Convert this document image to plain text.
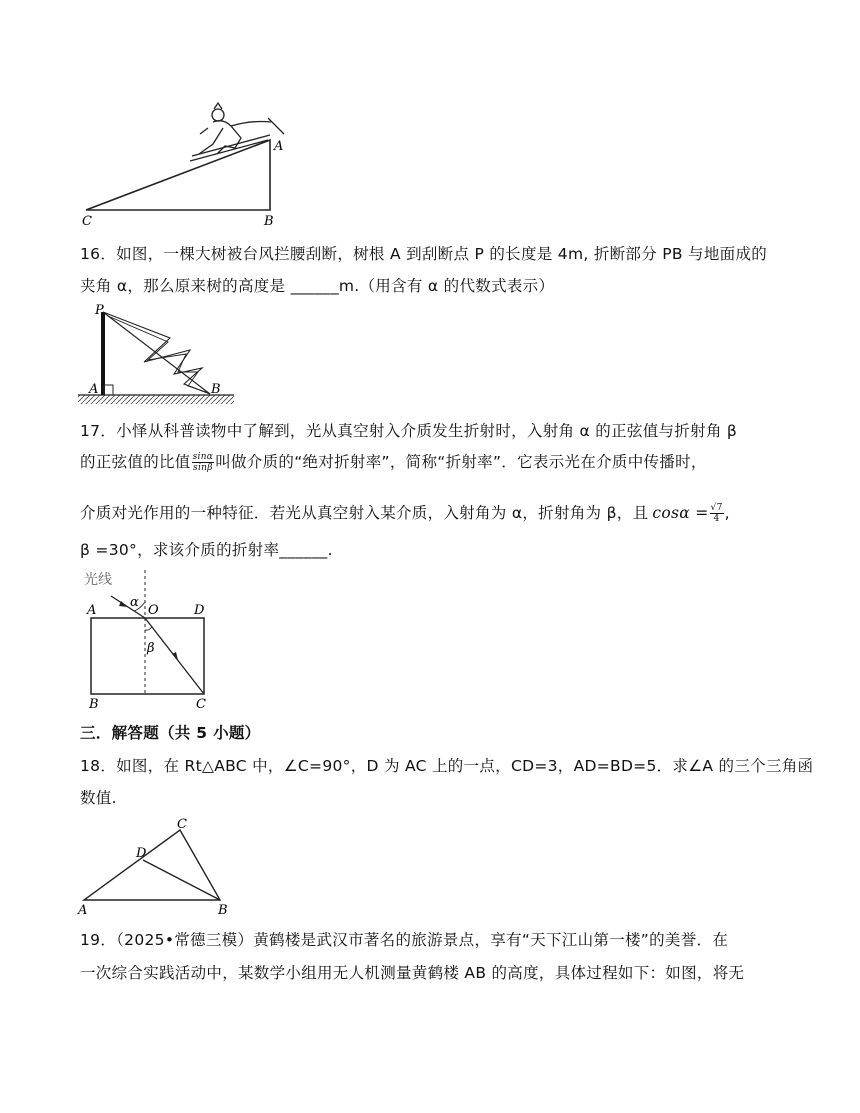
A
B
C
16．如图，一棵大树被台风拦腰刮断，树根 A 到刮断点 P 的长度是 4m, 折断部分 PB 与地面成的
夹角 α，那么原来树的高度是 ______m.（用含有 α 的代数式表示）
P
A	B
17．小怿从科普读物中了解到，光从真空射入介质发生折射时，入射角 α 的正弦值与折射角 β
的正弦值的比值 $\frac{\sin\alpha}{\sin\beta}$ 叫做介质的“绝对折射率”，简称“折射率”．它表示光在介质中传播时，
介质对光作用的一种特征．若光从真空射入某介质，入射角为 α，折射角为 β，且 $\cos\alpha = \frac{√7}{4}$ ,
β =30°，求该介质的折射率______.
光线
α
β
A	O	D
B	C
三．解答题（共 5 小题）
18．如图，在 Rt△ABC 中，∠C=90°，D 为 AC 上的一点，CD=3，AD=BD=5．求∠A 的三个三角函
数值.
A	B
C
D
19．（2025•常德三模）黄鹤楼是武汉市著名的旅游景点，享有“天下江山第一楼”的美誉．在
一次综合实践活动中，某数学小组用无人机测量黄鹤楼 AB 的高度，具体过程如下：如图，将无
